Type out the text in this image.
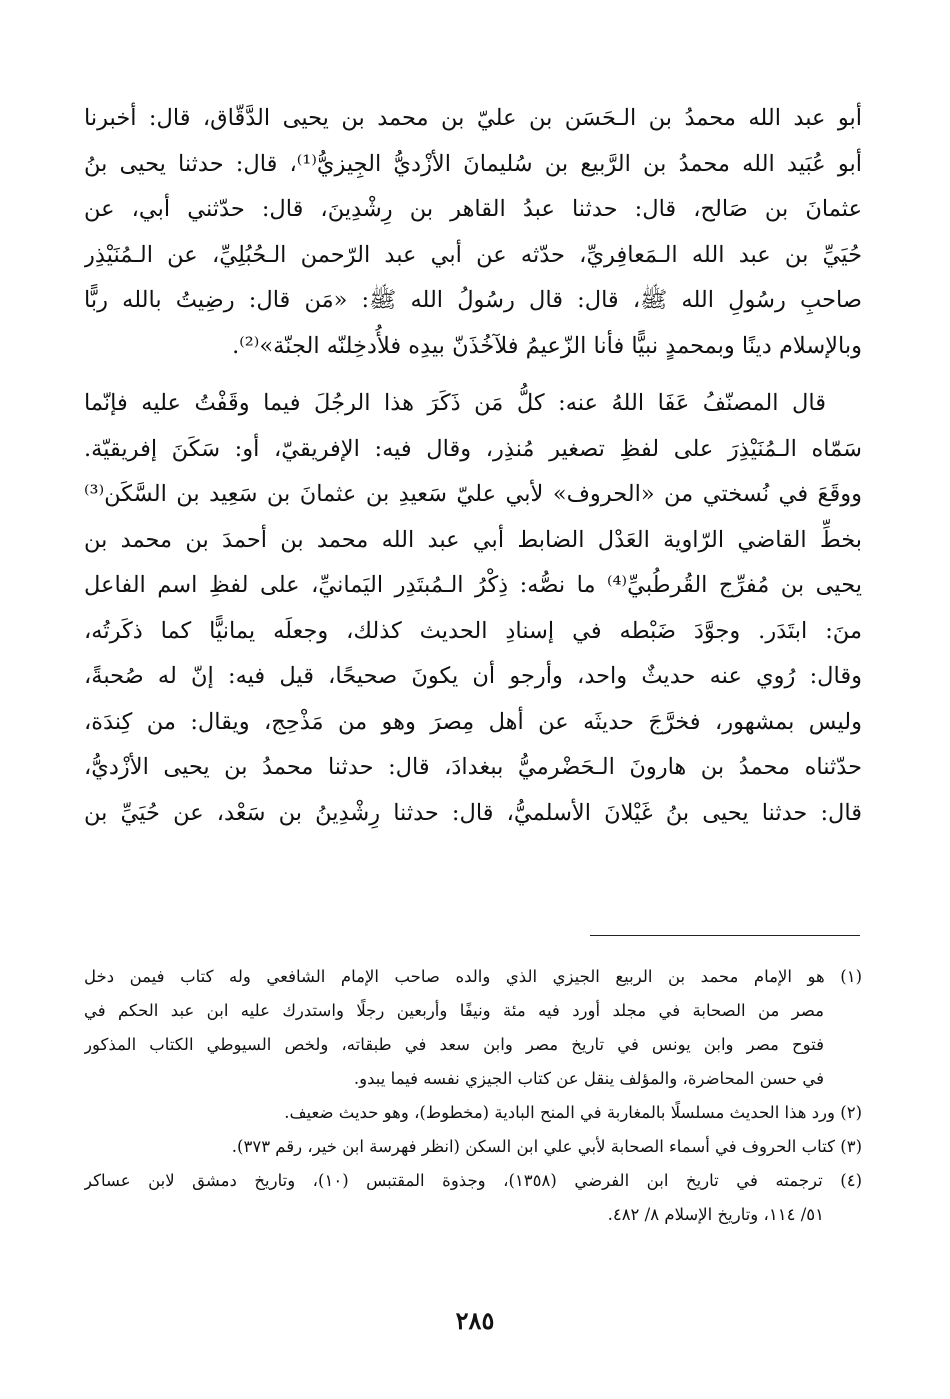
أبو عبد الله محمدُ بن الـحَسَن بن عليّ بن محمد بن يحيى الدَّقّاق، قال: أخبرنا
أبو عُبَيد الله محمدُ بن الرَّبيع بن سُليمانَ الأزْديُّ الجِيزيُّ⁽¹⁾، قال: حدثنا يحيى بنُ
عثمانَ بن صَالح، قال: حدثنا عبدُ القاهر بن رِشْدِينَ، قال: حدّثني أبي، عن
حُيَيِّ بن عبد الله الـمَعافِريِّ، حدّثه عن أبي عبد الرّحمن الـحُبُلِيِّ، عن الـمُنَيْذِر
صاحبِ رسُولِ الله ﷺ، قال: قال رسُولُ الله ﷺ: «مَن قال: رضِيتُ بالله ربًّا
وبالإسلام دينًا وبمحمدٍ نبيًّا فأنا الزّعيمُ فلآخُذَنّ بيدِه فلأُدخِلنّه الجنّة»⁽²⁾.
قال المصنّفُ عَفَا اللهُ عنه: كلُّ مَن ذَكَرَ هذا الرجُلَ فيما وقَفْتُ عليه فإنّما
سَمّاه الـمُنَيْذِرَ على لفظِ تصغير مُنذِر، وقال فيه: الإفريقيّ، أو: سَكَنَ إفريقيّة.
ووقَعَ في نُسختي من «الحروف» لأبي عليّ سَعيدِ بن عثمانَ بن سَعِيد بن السَّكَن⁽³⁾
بخطِّ القاضي الرّاوية العَدْل الضابط أبي عبد الله محمد بن أحمدَ بن محمد بن
يحيى بن مُفرِّج القُرطُبيِّ⁽⁴⁾ ما نصُّه: ذِكْرُ الـمُبتَدِر اليَمانيِّ، على لفظِ اسم الفاعل
منَ: ابتَدَر. وجوَّدَ ضَبْطه في إسنادِ الحديث كذلك، وجعلَه يمانيًّا كما ذكَرتُه،
وقال: رُوي عنه حديثٌ واحد، وأرجو أن يكونَ صحيحًا، قيل فيه: إنّ له صُحبةً،
وليس بمشهور، فخرَّجَ حديثَه عن أهل مِصرَ وهو من مَذْحِج، ويقال: من كِندَة،
حدّثناه محمدُ بن هارونَ الـحَضْرميُّ ببغدادَ، قال: حدثنا محمدُ بن يحيى الأزْديُّ،
قال: حدثنا يحيى بنُ غَيْلانَ الأسلميُّ، قال: حدثنا رِشْدِينُ بن سَعْد، عن حُيَيِّ بن
(١) هو الإمام محمد بن الربيع الجيزي الذي والده صاحب الإمام الشافعي وله كتاب فيمن دخل
مصر من الصحابة في مجلد أورد فيه مئة ونيفًا وأربعين رجلًا واستدرك عليه ابن عبد الحكم في
فتوح مصر وابن يونس في تاريخ مصر وابن سعد في طبقاته، ولخص السيوطي الكتاب المذكور
في حسن المحاضرة، والمؤلف ينقل عن كتاب الجيزي نفسه فيما يبدو.
(٢) ورد هذا الحديث مسلسلًا بالمغاربة في المنح البادية (مخطوط)، وهو حديث ضعيف.
(٣) كتاب الحروف في أسماء الصحابة لأبي علي ابن السكن (انظر فهرسة ابن خير، رقم ٣٧٣).
(٤) ترجمته في تاريخ ابن الفرضي (١٣٥٨)، وجذوة المقتبس (١٠)، وتاريخ دمشق لابن عساكر
٥١/ ١١٤، وتاريخ الإسلام ٨/ ٤٨٢.
٢٨٥
